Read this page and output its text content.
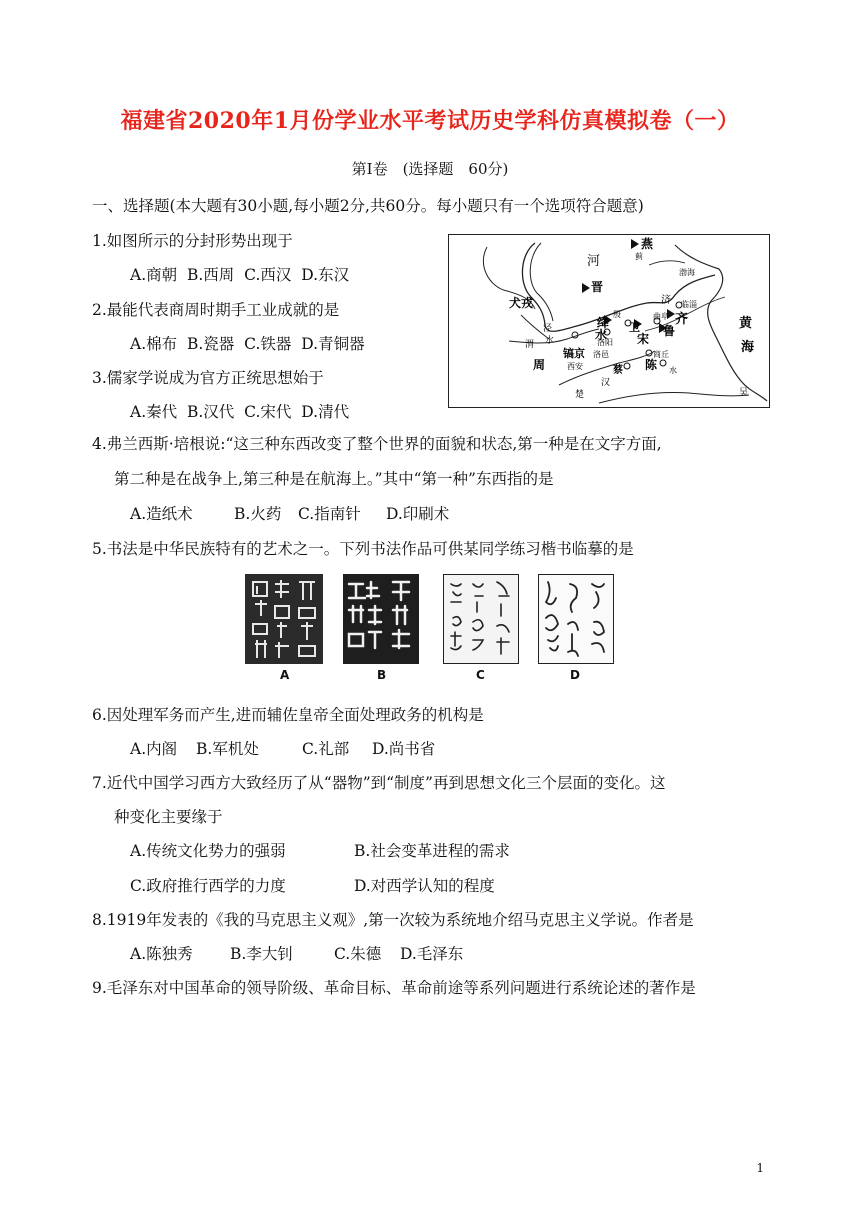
福建省2020年1月份学业水平考试历史学科仿真模拟卷（一）
第Ⅰ卷　(选择题　60分)
一、选择题(本大题有30小题,每小题2分,共60分。每小题只有一个选项符合题意)
1.如图所示的分封形势出现于
A.商朝 B.西周 C.西汉 D.东汉
2.最能代表商周时期手工业成就的是
A.棉布 B.瓷器 C.铁器 D.青铜器
3.儒家学说成为官方正统思想始于
A.秦代 B.汉代 C.宋代 D.清代
燕
蓟
渤海
河
犬戎
晋
绛
殷
卫
济 临淄
齐
曲阜
鲁	黄
海
泾
水	水
渭
镐京 洛邑
宋
周	西安
洛阳
商丘
蔡 陈
汉
水
楚	吴
4.弗兰西斯·培根说:“这三种东西改变了整个世界的面貌和状态,第一种是在文字方面,
第二种是在战争上,第三种是在航海上。”其中“第一种”东西指的是
A.造纸术	B.火药 C.指南针 D.印刷术
5.书法是中华民族特有的艺术之一。下列书法作品可供某同学练习楷书临摹的是
A	B	C	D
6.因处理军务而产生,进而辅佐皇帝全面处理政务的机构是
A.内阁 B.军机处	C.礼部 D.尚书省
7.近代中国学习西方大致经历了从“器物”到“制度”再到思想文化三个层面的变化。这
种变化主要缘于
A.传统文化势力的强弱	B.社会变革进程的需求
C.政府推行西学的力度	D.对西学认知的程度
8.1919年发表的《我的马克思主义观》,第一次较为系统地介绍马克思主义学说。作者是
A.陈独秀 B.李大钊	C.朱德 D.毛泽东
9.毛泽东对中国革命的领导阶级、革命目标、革命前途等系列问题进行系统论述的著作是
1
